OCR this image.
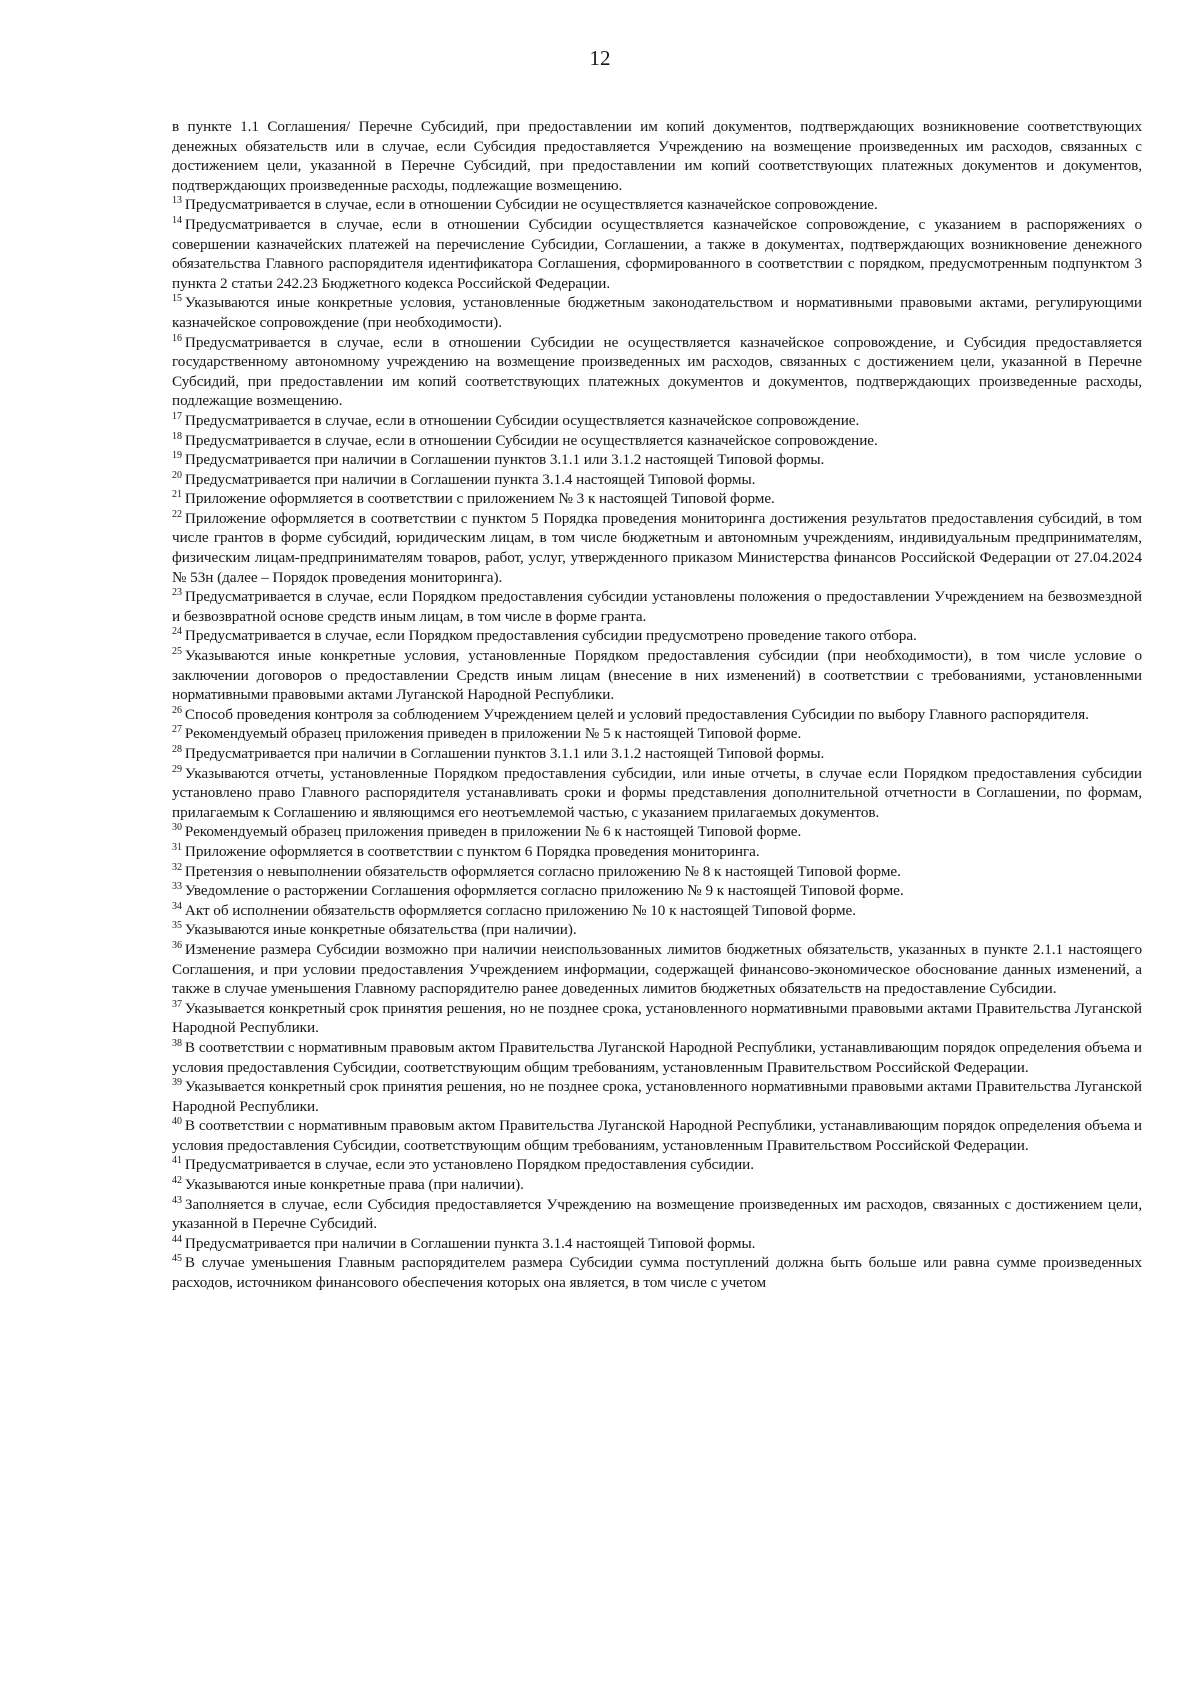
12

в пункте 1.1 Соглашения/ Перечне Субсидий, при предоставлении им копий документов, подтверждающих возникновение соответствующих денежных обязательств или в случае, если Субсидия предоставляется Учреждению на возмещение произведенных им расходов, связанных с достижением цели, указанной в Перечне Субсидий, при предоставлении им копий соответствующих платежных документов и документов, подтверждающих произведенные расходы, подлежащие возмещению.

$^{13}$ Предусматривается в случае, если в отношении Субсидии не осуществляется казначейское сопровождение.

$^{14}$ Предусматривается в случае, если в отношении Субсидии осуществляется казначейское сопровождение, с указанием в распоряжениях о совершении казначейских платежей на перечисление Субсидии, Соглашении, а также в документах, подтверждающих возникновение денежного обязательства Главного распорядителя идентификатора Соглашения, сформированного в соответствии с порядком, предусмотренным подпунктом 3 пункта 2 статьи 242.23 Бюджетного кодекса Российской Федерации.

$^{15}$ Указываются иные конкретные условия, установленные бюджетным законодательством и нормативными правовыми актами, регулирующими казначейское сопровождение (при необходимости).

$^{16}$ Предусматривается в случае, если в отношении Субсидии не осуществляется казначейское сопровождение, и Субсидия предоставляется государственному автономному учреждению на возмещение произведенных им расходов, связанных с достижением цели, указанной в Перечне Субсидий, при предоставлении им копий соответствующих платежных документов и документов, подтверждающих произведенные расходы, подлежащие возмещению.

$^{17}$ Предусматривается в случае, если в отношении Субсидии осуществляется казначейское сопровождение.

$^{18}$ Предусматривается в случае, если в отношении Субсидии не осуществляется казначейское сопровождение.

$^{19}$ Предусматривается при наличии в Соглашении пунктов 3.1.1 или 3.1.2 настоящей Типовой формы.

$^{20}$ Предусматривается при наличии в Соглашении пункта 3.1.4 настоящей Типовой формы.

$^{21}$ Приложение оформляется в соответствии с приложением № 3 к настоящей Типовой форме.

$^{22}$ Приложение оформляется в соответствии с пунктом 5 Порядка проведения мониторинга достижения результатов предоставления субсидий, в том числе грантов в форме субсидий, юридическим лицам, в том числе бюджетным и автономным учреждениям, индивидуальным предпринимателям, физическим лицам-предпринимателям товаров, работ, услуг, утвержденного приказом Министерства финансов Российской Федерации от 27.04.2024 № 53н (далее – Порядок проведения мониторинга).

$^{23}$ Предусматривается в случае, если Порядком предоставления субсидии установлены положения о предоставлении Учреждением на безвозмездной и безвозвратной основе средств иным лицам, в том числе в форме гранта.

$^{24}$ Предусматривается в случае, если Порядком предоставления субсидии предусмотрено проведение такого отбора.

$^{25}$ Указываются иные конкретные условия, установленные Порядком предоставления субсидии (при необходимости), в том числе условие о заключении договоров о предоставлении Средств иным лицам (внесение в них изменений) в соответствии с требованиями, установленными нормативными правовыми актами Луганской Народной Республики.

$^{26}$ Способ проведения контроля за соблюдением Учреждением целей и условий предоставления Субсидии по выбору Главного распорядителя.

$^{27}$ Рекомендуемый образец приложения приведен в приложении № 5 к настоящей Типовой форме.

$^{28}$ Предусматривается при наличии в Соглашении пунктов 3.1.1 или 3.1.2 настоящей Типовой формы.

$^{29}$ Указываются отчеты, установленные Порядком предоставления субсидии, или иные отчеты, в случае если Порядком предоставления субсидии установлено право Главного распорядителя устанавливать сроки и формы представления дополнительной отчетности в Соглашении, по формам, прилагаемым к Соглашению и являющимся его неотъемлемой частью, с указанием прилагаемых документов.

$^{30}$ Рекомендуемый образец приложения приведен в приложении № 6 к настоящей Типовой форме.

$^{31}$ Приложение оформляется в соответствии с пунктом 6 Порядка проведения мониторинга.

$^{32}$ Претензия о невыполнении обязательств оформляется согласно приложению № 8 к настоящей Типовой форме.

$^{33}$ Уведомление о расторжении Соглашения оформляется согласно приложению № 9 к настоящей Типовой форме.

$^{34}$ Акт об исполнении обязательств оформляется согласно приложению № 10 к настоящей Типовой форме.

$^{35}$ Указываются иные конкретные обязательства (при наличии).

$^{36}$ Изменение размера Субсидии возможно при наличии неиспользованных лимитов бюджетных обязательств, указанных в пункте 2.1.1 настоящего Соглашения, и при условии предоставления Учреждением информации, содержащей финансово-экономическое обоснование данных изменений, а также в случае уменьшения Главному распорядителю ранее доведенных лимитов бюджетных обязательств на предоставление Субсидии.

$^{37}$ Указывается конкретный срок принятия решения, но не позднее срока, установленного нормативными правовыми актами Правительства Луганской Народной Республики.

$^{38}$ В соответствии с нормативным правовым актом Правительства Луганской Народной Республики, устанавливающим порядок определения объема и условия предоставления Субсидии, соответствующим общим требованиям, установленным Правительством Российской Федерации.

$^{39}$ Указывается конкретный срок принятия решения, но не позднее срока, установленного нормативными правовыми актами Правительства Луганской Народной Республики.

$^{40}$ В соответствии с нормативным правовым актом Правительства Луганской Народной Республики, устанавливающим порядок определения объема и условия предоставления Субсидии, соответствующим общим требованиям, установленным Правительством Российской Федерации.

$^{41}$ Предусматривается в случае, если это установлено Порядком предоставления субсидии.

$^{42}$ Указываются иные конкретные права (при наличии).

$^{43}$ Заполняется в случае, если Субсидия предоставляется Учреждению на возмещение произведенных им расходов, связанных с достижением цели, указанной в Перечне Субсидий.

$^{44}$ Предусматривается при наличии в Соглашении пункта 3.1.4 настоящей Типовой формы.

$^{45}$ В случае уменьшения Главным распорядителем размера Субсидии сумма поступлений должна быть больше или равна сумме произведенных расходов, источником финансового обеспечения которых она является, в том числе с учетом
